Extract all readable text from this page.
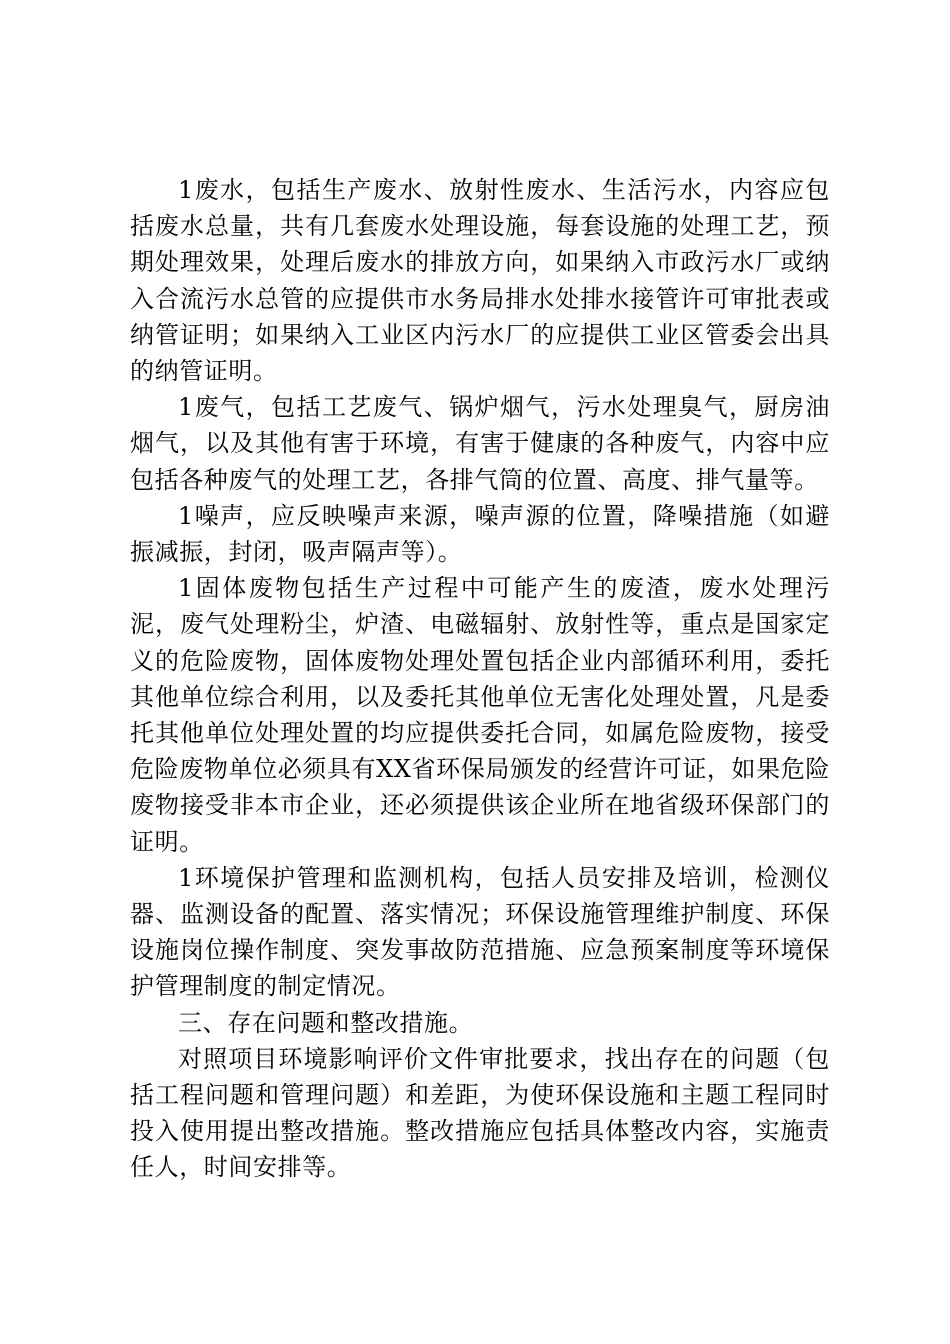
1废水，包括生产废水、放射性废水、生活污水，内容应包括废水总量，共有几套废水处理设施，每套设施的处理工艺，预期处理效果，处理后废水的排放方向，如果纳入市政污水厂或纳入合流污水总管的应提供市水务局排水处排水接管许可审批表或纳管证明；如果纳入工业区内污水厂的应提供工业区管委会出具的纳管证明。

1废气，包括工艺废气、锅炉烟气，污水处理臭气，厨房油烟气，以及其他有害于环境，有害于健康的各种废气，内容中应包括各种废气的处理工艺，各排气筒的位置、高度、排气量等。

1噪声，应反映噪声来源，噪声源的位置，降噪措施（如避振减振，封闭，吸声隔声等）。

1固体废物包括生产过程中可能产生的废渣，废水处理污泥，废气处理粉尘，炉渣、电磁辐射、放射性等，重点是国家定义的危险废物，固体废物处理处置包括企业内部循环利用，委托其他单位综合利用，以及委托其他单位无害化处理处置，凡是委托其他单位处理处置的均应提供委托合同，如属危险废物，接受危险废物单位必须具有XX省环保局颁发的经营许可证，如果危险废物接受非本市企业，还必须提供该企业所在地省级环保部门的证明。

1环境保护管理和监测机构，包括人员安排及培训，检测仪器、监测设备的配置、落实情况；环保设施管理维护制度、环保设施岗位操作制度、突发事故防范措施、应急预案制度等环境保护管理制度的制定情况。

三、存在问题和整改措施。

对照项目环境影响评价文件审批要求，找出存在的问题（包括工程问题和管理问题）和差距，为使环保设施和主题工程同时投入使用提出整改措施。整改措施应包括具体整改内容，实施责任人，时间安排等。
